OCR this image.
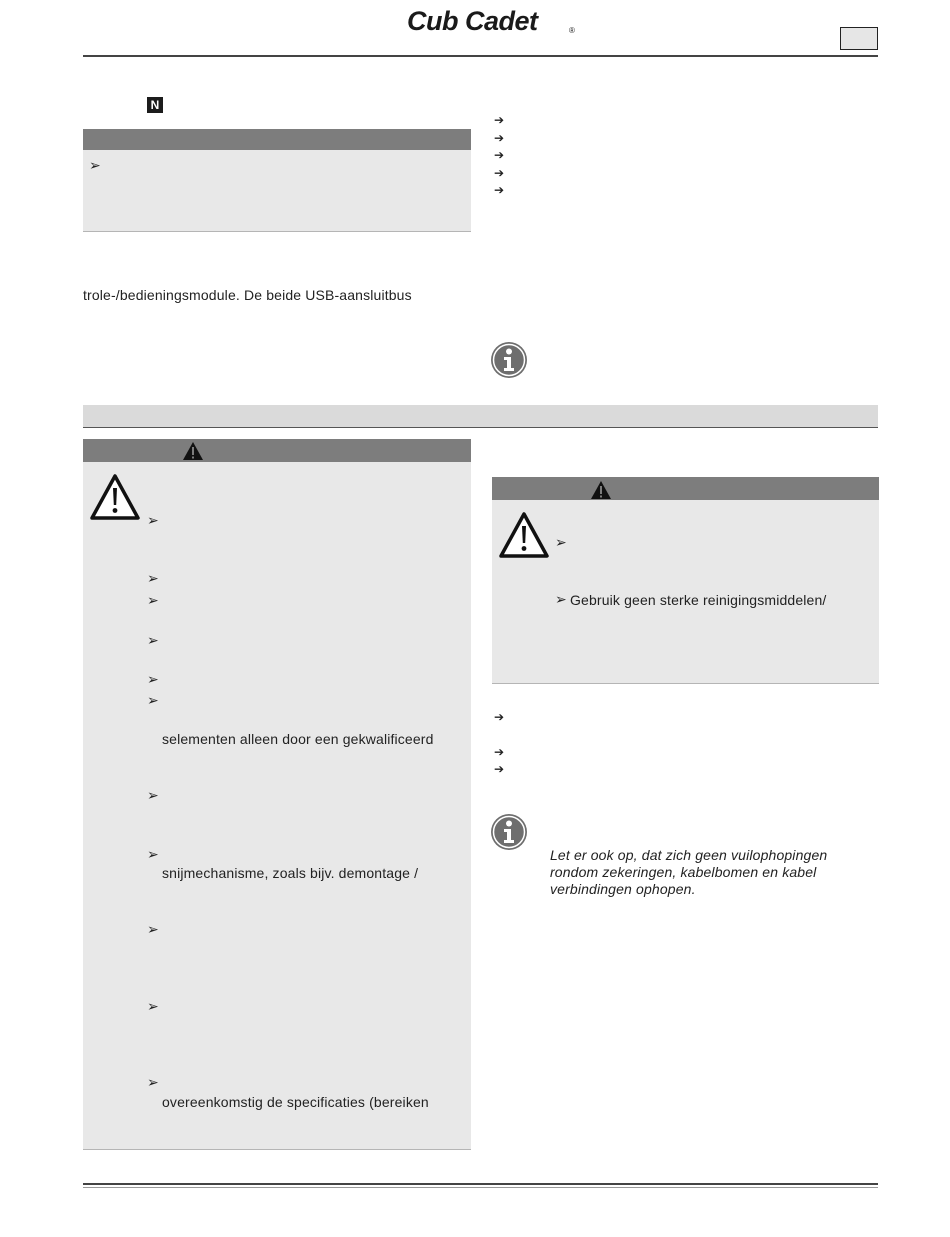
Cub Cadet	®
N
➢
trole-/bedieningsmodule. De beide USB-aansluitbus
➔
➔
➔
➔
➔
➢
➢
➢
➢
➢
➢
selementen alleen door een gekwalificeerd
➢
➢
snijmechanisme, zoals bijv. demontage /
➢
➢
➢
overeenkomstig de specificaties (bereiken
➢
➢ Gebruik geen sterke reinigingsmiddelen/
➔
➔
➔
Let er ook op, dat zich geen vuilophopingen
rondom zekeringen, kabelbomen en kabel
verbindingen ophopen.
